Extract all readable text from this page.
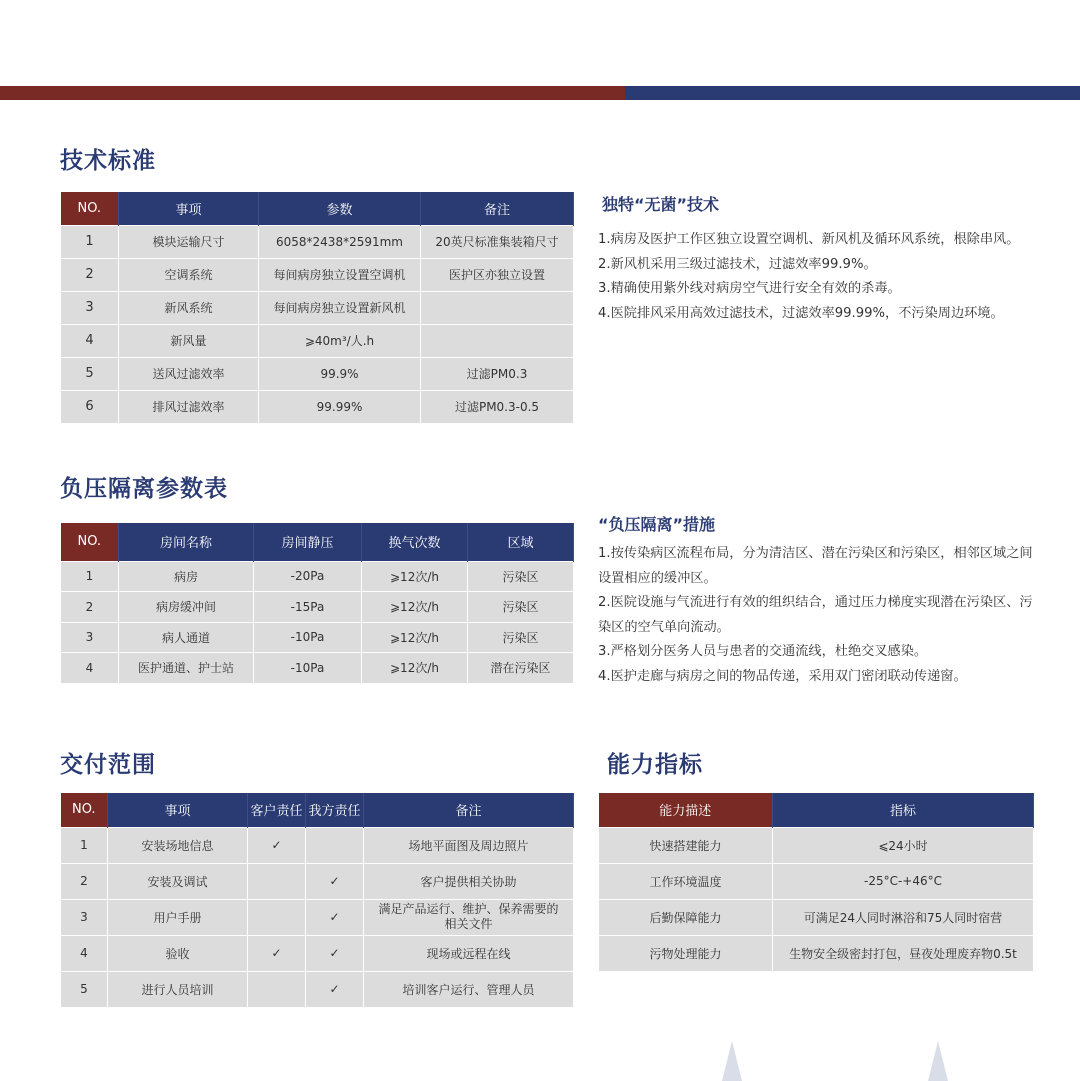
技术标准
NO.	事项	参数	备注
1	模块运输尺寸	6058*2438*2591mm	20英尺标准集装箱尺寸
2	空调系统	每间病房独立设置空调机	医护区亦独立设置
3	新风系统	每间病房独立设置新风机	
4	新风量	⩾40m³/人.h	
5	送风过滤效率	99.9%	过滤PM0.3
6	排风过滤效率	99.99%	过滤PM0.3-0.5
独特“无菌”技术
1.病房及医护工作区独立设置空调机、新风机及循环风系统，根除串风。
2.新风机采用三级过滤技术，过滤效率99.9%。
3.精确使用紫外线对病房空气进行安全有效的杀毒。
4.医院排风采用高效过滤技术，过滤效率99.99%，不污染周边环境。
负压隔离参数表
NO.	房间名称	房间静压	换气次数	区域
1	病房	-20Pa	⩾12次/h	污染区
2	病房缓冲间	-15Pa	⩾12次/h	污染区
3	病人通道	-10Pa	⩾12次/h	污染区
4	医护通道、护士站	-10Pa	⩾12次/h	潜在污染区
“负压隔离”措施
1.按传染病区流程布局，分为清洁区、潜在污染区和污染区，相邻区域之间设置相应的缓冲区。
2.医院设施与气流进行有效的组织结合，通过压力梯度实现潜在污染区、污染区的空气单向流动。
3.严格划分医务人员与患者的交通流线，杜绝交叉感染。
4.医护走廊与病房之间的物品传递，采用双门密闭联动传递窗。
交付范围
NO.	事项	客户责任	我方责任	备注
1	安装场地信息	✓		场地平面图及周边照片
2	安装及调试		✓	客户提供相关协助
3	用户手册		✓	满足产品运行、维护、保养需要的相关文件
4	验收	✓	✓	现场或远程在线
5	进行人员培训		✓	培训客户运行、管理人员
能力指标
能力描述	指标
快速搭建能力	⩽24小时
工作环境温度	-25°C-+46°C
后勤保障能力	可满足24人同时淋浴和75人同时宿营
污物处理能力	生物安全级密封打包，昼夜处理废弃物0.5t
